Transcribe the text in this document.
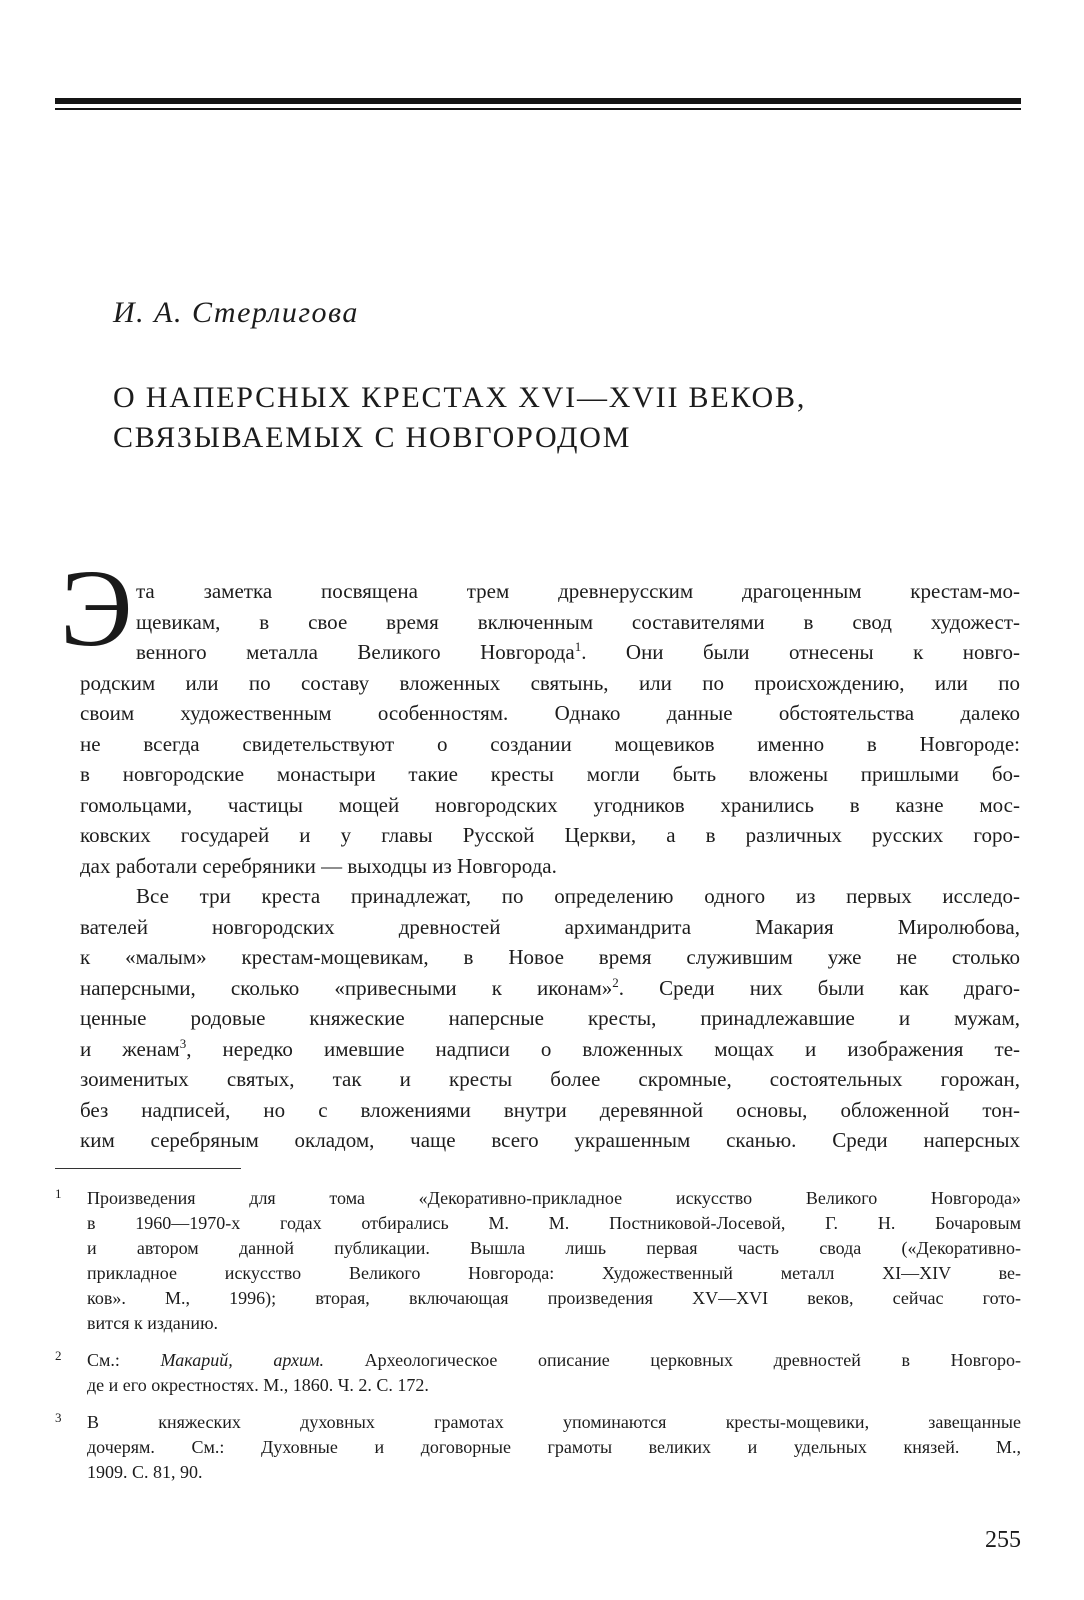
И. А. Стерлигова
О НАПЕРСНЫХ КРЕСТАХ XVI—XVII ВЕКОВ,
СВЯЗЫВАЕМЫХ С НОВГОРОДОМ
Э та заметка посвящена трем древнерусским драгоценным крестам-мо-
щевикам, в свое время включенным составителями в свод художест-
венного металла Великого Новгорода$^1$. Они были отнесены к новго-
родским или по составу вложенных святынь, или по происхождению, или по
своим художественным особенностям. Однако данные обстоятельства далеко
не всегда свидетельствуют о создании мощевиков именно в Новгороде:
в новгородские монастыри такие кресты могли быть вложены пришлыми бо-
гомольцами, частицы мощей новгородских угодников хранились в казне мос-
ковских государей и у главы Русской Церкви, а в различных русских горо-
дах работали серебряники — выходцы из Новгорода.
Все три креста принадлежат, по определению одного из первых исследо-
вателей новгородских древностей архимандрита Макария Миролюбова,
к «малым» крестам-мощевикам, в Новое время служившим уже не столько
наперсными, сколько «привесными к иконам»$^2$. Среди них были как драго-
ценные родовые княжеские наперсные кресты, принадлежавшие и мужам,
и женам$^3$, нередко имевшие надписи о вложенных мощах и изображения те-
зоименитых святых, так и кресты более скромные, состоятельных горожан,
без надписей, но с вложениями внутри деревянной основы, обложенной тон-
ким серебряным окладом, чаще всего украшенным сканью. Среди наперсных
1 Произведения для тома «Декоративно-прикладное искусство Великого Новгорода»
в 1960—1970-х годах отбирались М. М. Постниковой-Лосевой, Г. Н. Бочаровым
и автором данной публикации. Вышла лишь первая часть свода («Декоративно-
прикладное искусство Великого Новгорода: Художественный металл XI—XIV ве-
ков». М., 1996); вторая, включающая произведения XV—XVI веков, сейчас гото-
вится к изданию.
2 См.: Макарий, архим. Археологическое описание церковных древностей в Новгоро-
де и его окрестностях. М., 1860. Ч. 2. С. 172.
3 В княжеских духовных грамотах упоминаются кресты-мощевики, завещанные
дочерям. См.: Духовные и договорные грамоты великих и удельных князей. М.,
1909. С. 81, 90.
255
